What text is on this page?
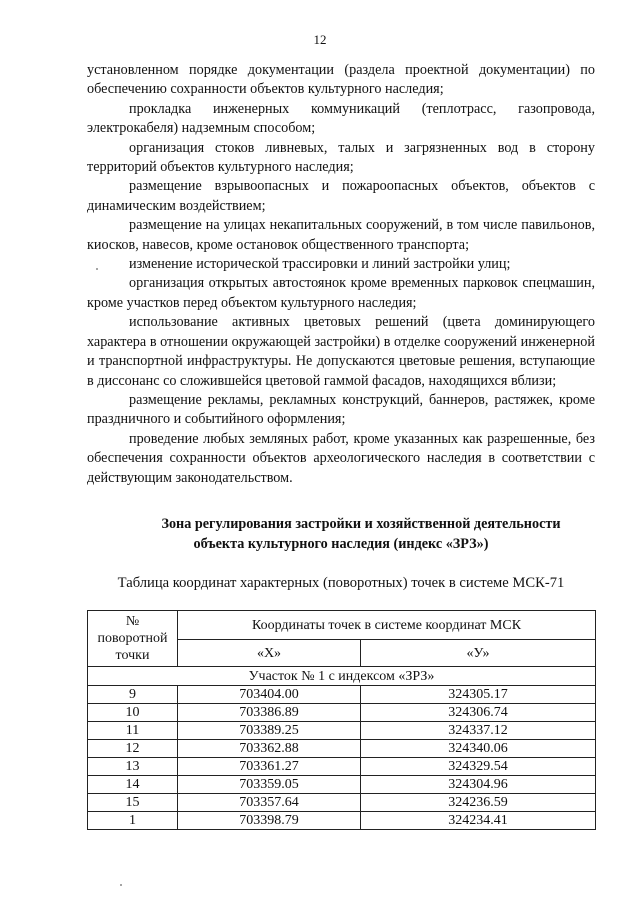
12

установленном порядке документации (раздела проектной документации) по обеспечению сохранности объектов культурного наследия;

прокладка инженерных коммуникаций (теплотрасс, газопровода, электрокабеля) надземным способом;

организация стоков ливневых, талых и загрязненных вод в сторону территорий объектов культурного наследия;

размещение взрывоопасных и пожароопасных объектов, объектов с динамическим воздействием;

размещение на улицах некапитальных сооружений, в том числе павильонов, киосков, навесов, кроме остановок общественного транспорта;

изменение исторической трассировки и линий застройки улиц;

организация открытых автостоянок кроме временных парковок спецмашин, кроме участков перед объектом культурного наследия;

использование активных цветовых решений (цвета доминирующего характера в отношении окружающей застройки) в отделке сооружений инженерной и транспортной инфраструктуры. Не допускаются цветовые решения, вступающие в диссонанс со сложившейся цветовой гаммой фасадов, находящихся вблизи;

размещение рекламы, рекламных конструкций, баннеров, растяжек, кроме праздничного и событийного оформления;

проведение любых земляных работ, кроме указанных как разрешенные, без обеспечения сохранности объектов археологического наследия в соответствии с действующим законодательством.

Зона регулирования застройки и хозяйственной деятельности
объекта культурного наследия (индекс «ЗРЗ»)
Таблица координат характерных (поворотных) точек в системе МСК-71
№
поворотной
точки	Координаты точек в системе координат МСК	
	«Х»	«У»
Участок № 1 с индексом «ЗРЗ»		
9	703404.00	324305.17
10	703386.89	324306.74
11	703389.25	324337.12
12	703362.88	324340.06
13	703361.27	324329.54
14	703359.05	324304.96
15	703357.64	324236.59
1	703398.79	324234.41
